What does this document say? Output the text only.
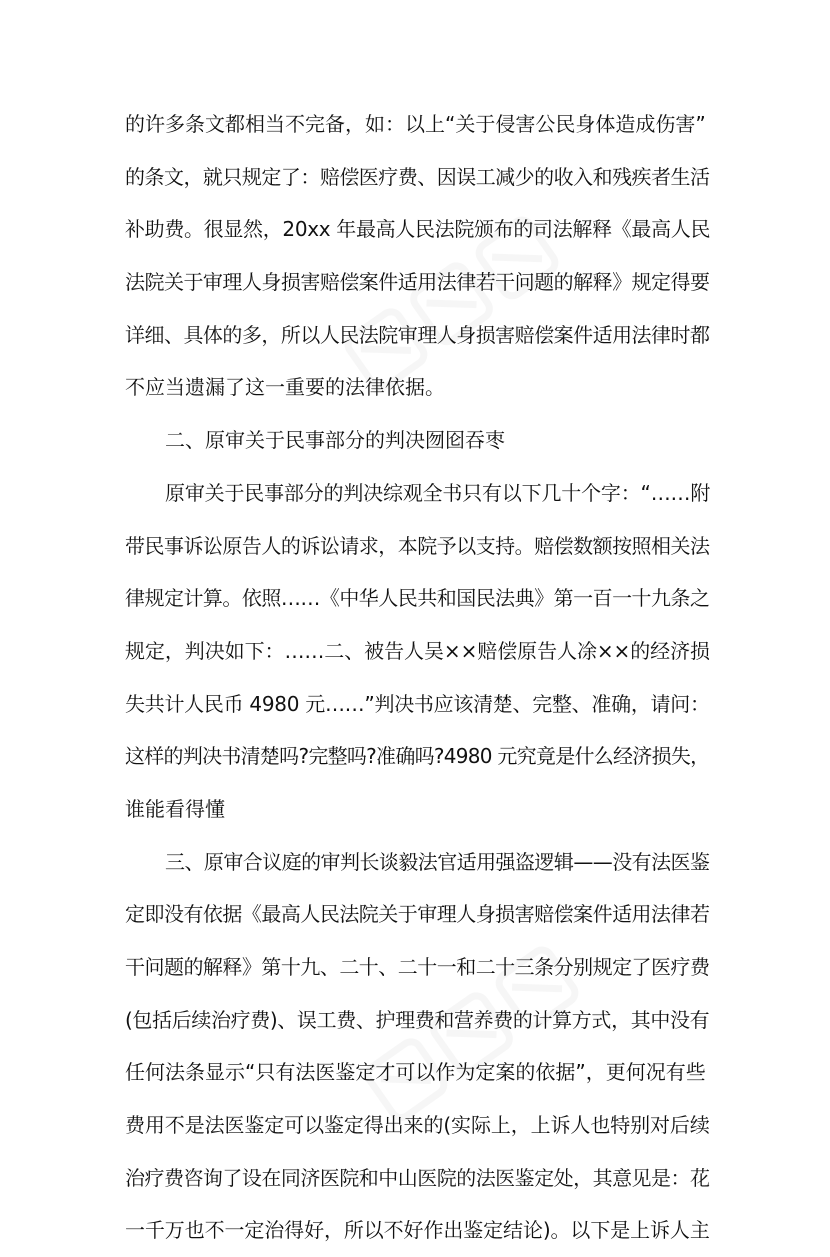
的许多条文都相当不完备，如：以上“关于侵害公民身体造成伤害”
的条文，就只规定了：赔偿医疗费、因误工减少的收入和残疾者生活
补助费。很显然，20xx 年最高人民法院颁布的司法解释《最高人民
法院关于审理人身损害赔偿案件适用法律若干问题的解释》规定得要
详细、具体的多，所以人民法院审理人身损害赔偿案件适用法律时都
不应当遗漏了这一重要的法律依据。
二、原审关于民事部分的判决囫囵吞枣
原审关于民事部分的判决综观全书只有以下几十个字：“……附
带民事诉讼原告人的诉讼请求，本院予以支持。赔偿数额按照相关法
律规定计算。依照……《中华人民共和国民法典》第一百一十九条之
规定，判决如下：……二、被告人吴××赔偿原告人凃××的经济损
失共计人民币 4980 元……”判决书应该清楚、完整、准确，请问：
这样的判决书清楚吗?完整吗?准确吗?4980 元究竟是什么经济损失，
谁能看得懂
三、原审合议庭的审判长谈毅法官适用强盗逻辑——没有法医鉴
定即没有依据《最高人民法院关于审理人身损害赔偿案件适用法律若
干问题的解释》第十九、二十、二十一和二十三条分别规定了医疗费
(包括后续治疗费)、误工费、护理费和营养费的计算方式，其中没有
任何法条显示“只有法医鉴定才可以作为定案的依据”，更何况有些
费用不是法医鉴定可以鉴定得出来的(实际上，上诉人也特别对后续
治疗费咨询了设在同济医院和中山医院的法医鉴定处，其意见是：花
一千万也不一定治得好，所以不好作出鉴定结论)。以下是上诉人主
